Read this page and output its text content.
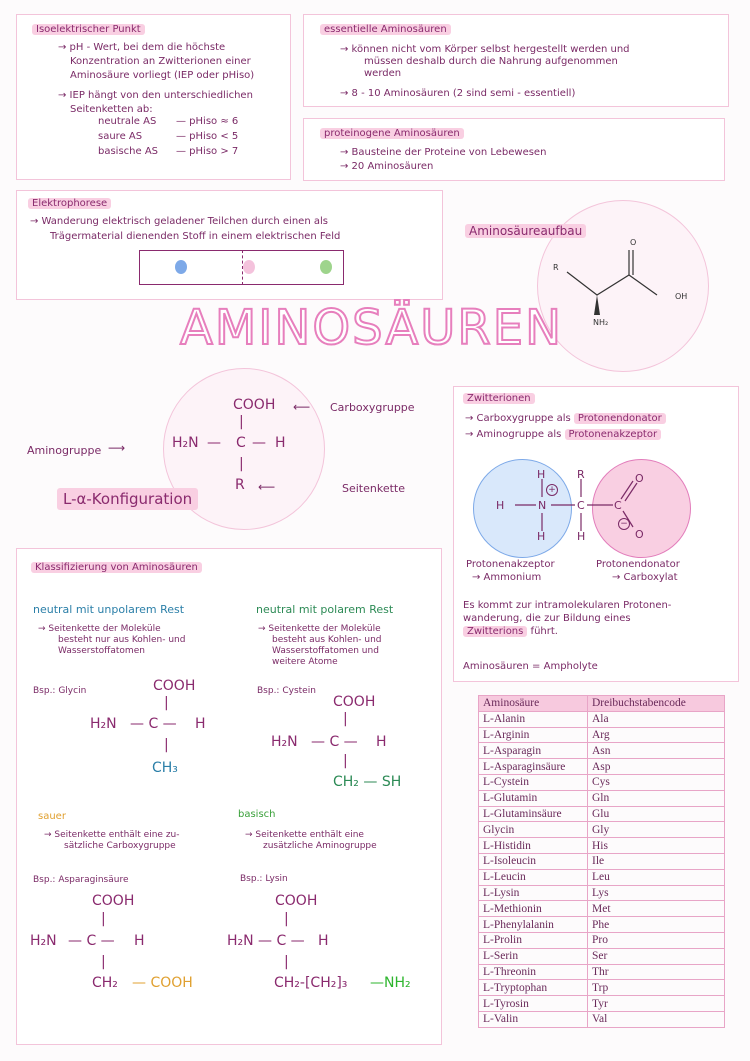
Isoelektrischer Punkt
→ pH - Wert, bei dem die höchste
Konzentration an Zwitterionen einer
Aminosäure vorliegt (IEP oder pHiso)
→ IEP hängt von den unterschiedlichen
Seitenketten ab:
neutrale AS — pHiso ≈ 6
saure AS	— pHiso < 5
basische AS — pHiso > 7
essentielle Aminosäuren
→ können nicht vom Körper selbst hergestellt werden und
müssen deshalb durch die Nahrung aufgenommen
werden
→ 8 - 10 Aminosäuren (2 sind semi - essentiell)
proteinogene Aminosäuren
→ Bausteine der Proteine von Lebewesen
→ 20 Aminosäuren
Elektrophorese
→ Wanderung elektrisch geladener Teilchen durch einen als
Trägermaterial dienenden Stoff in einem elektrischen Feld	Aminosäureaufbau
R
O
OH
NH₂
AMINOSÄUREN
COOH
|
H₂N — C — H
|
R
⟵ Carboxygruppe
Aminogruppe ⟶
⟵	Seitenkette
L-α-Konfiguration
Zwitterionen
→ Carboxygruppe als Protonendonator
→ Aminogruppe als Protonenakzeptor
H
H	N
+
H
R
C
H
C
O
O
−
Protonenakzeptor
→ Ammonium
Protonendonator
→ Carboxylat
Es kommt zur intramolekularen Protonen-
wanderung, die zur Bildung eines
Zwitterions führt.
Aminosäuren = Ampholyte
Klassifizierung von Aminosäuren
neutral mit unpolarem Rest
→ Seitenkette der Moleküle
besteht nur aus Kohlen- und
Wasserstoffatomen
Bsp.: Glycin	COOH
|
H₂N — C — H
|
CH₃
neutral mit polarem Rest
→ Seitenkette der Moleküle
besteht aus Kohlen- und
Wasserstoffatomen und
weitere Atome
Bsp.: Cystein
COOH
|
H₂N — C — H
|
CH₂ — SH
sauer
→ Seitenkette enthält eine zu-
sätzliche Carboxygruppe
Bsp.: Asparaginsäure
COOH
|
H₂N — C — H
|
CH₂ — COOH
basisch
→ Seitenkette enthält eine
zusätzliche Aminogruppe
Bsp.: Lysin
COOH
|
H₂N — C — H
|
CH₂-[CH₂]₃ —NH₂
Aminosäure	Dreibuchstabencode
L-Alanin	Ala
L-Arginin	Arg
L-Asparagin	Asn
L-Asparaginsäure	Asp
L-Cystein	Cys
L-Glutamin	Gln
L-Glutaminsäure	Glu
Glycin	Gly
L-Histidin	His
L-Isoleucin	Ile
L-Leucin	Leu
L-Lysin	Lys
L-Methionin	Met
L-Phenylalanin	Phe
L-Prolin	Pro
L-Serin	Ser
L-Threonin	Thr
L-Tryptophan	Trp
L-Tyrosin	Tyr
L-Valin	Val
